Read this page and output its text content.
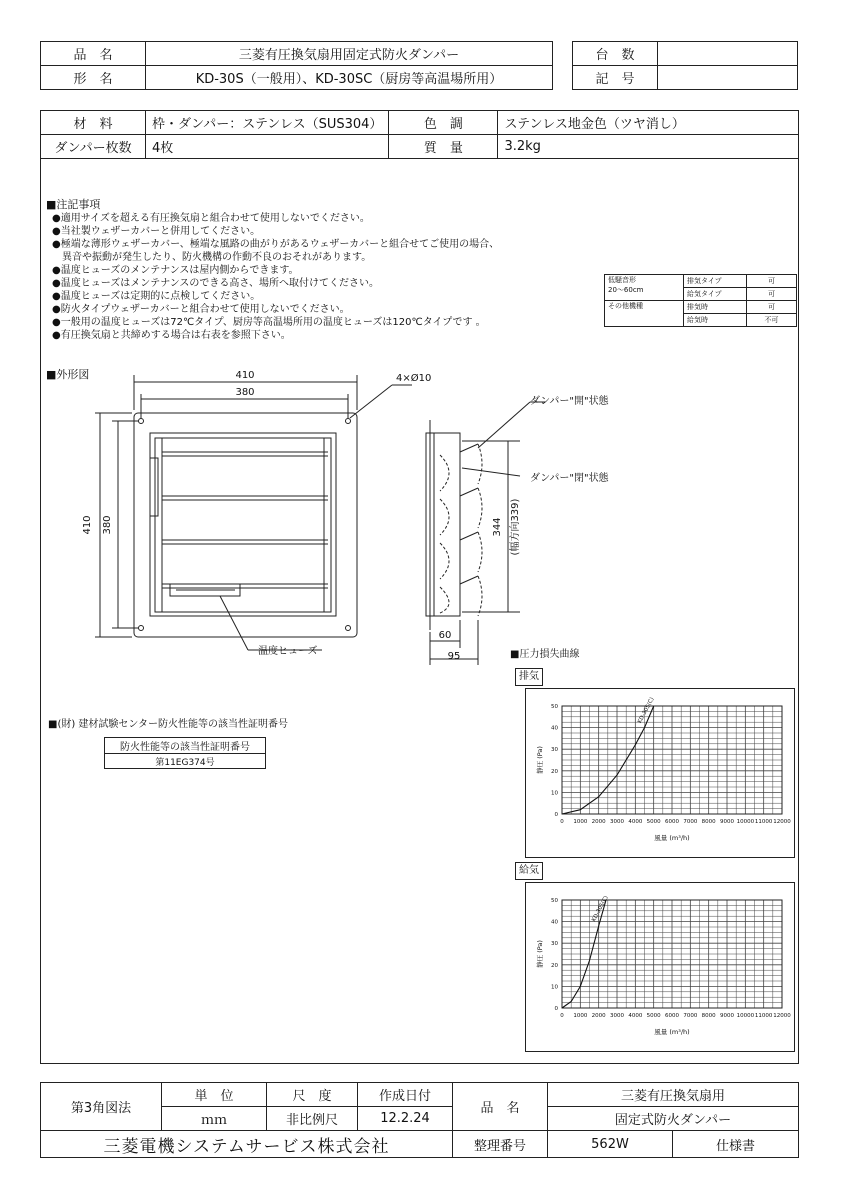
品　名	三菱有圧換気扇用固定式防火ダンパー
形　名	KD-30S（一般用）、KD-30SC（厨房等高温場所用）
台　数	
記　号	
材　料	枠・ダンパー：ステンレス（SUS304）	色　調	ステンレス地金色（ツヤ消し）
ダンパー枚数	4枚	質　量	3.2kg
■注記事項
●適用サイズを超える有圧換気扇と組合わせて使用しないでください。
●当社製ウェザーカバーと併用してください。
●極端な薄形ウェザーカバー、極端な風路の曲がりがあるウェザーカバーと組合せてご使用の場合、
　異音や振動が発生したり、防火機構の作動不良のおそれがあります。
●温度ヒューズのメンテナンスは屋内側からできます。
●温度ヒューズはメンテナンスのできる高さ、場所へ取付けてください。
●温度ヒューズは定期的に点検してください。
●防火タイプウェザーカバーと組合わせて使用しないでください。
●一般用の温度ヒューズは72℃タイプ、厨房等高温場所用の温度ヒューズは120℃タイプです 。
●有圧換気扇と共締めする場合は右表を参照下さい。
低騒音形
20～60cm	排気タイプ	可
	給気タイプ	可
その他機種	排気時	可
	給気時	不可
■外形図	410
380
4×Ø10
410 380
温度ヒューズ
ダンパー"開"状態
ダンパー"閉"状態
344 (幅方向339)
60
95
■(財) 建材試験センター防火性能等の該当性証明番号
防火性能等の該当性証明番号
第11EG374号
■圧力損失曲線
排気
0 1000 2000 3000 4000 5000 6000 7000 8000 9000 10000 11000 12000
0
10
20
30
40
50
風量 (m³/h)
静圧 (Pa)
KD-30S(C)
給気
0 1000 2000 3000 4000 5000 6000 7000 8000 9000 10000 11000 12000
0
10
20
30
40
50
風量 (m³/h)
静圧 (Pa)
KD-30S(C)
第3角図法	単　位	尺　度	作成日付	品　名	三菱有圧換気扇用	
	ｍｍ	非比例尺	12.2.24		固定式防火ダンパー	
三菱電機システムサービス株式会社				整理番号	562W	仕様書
